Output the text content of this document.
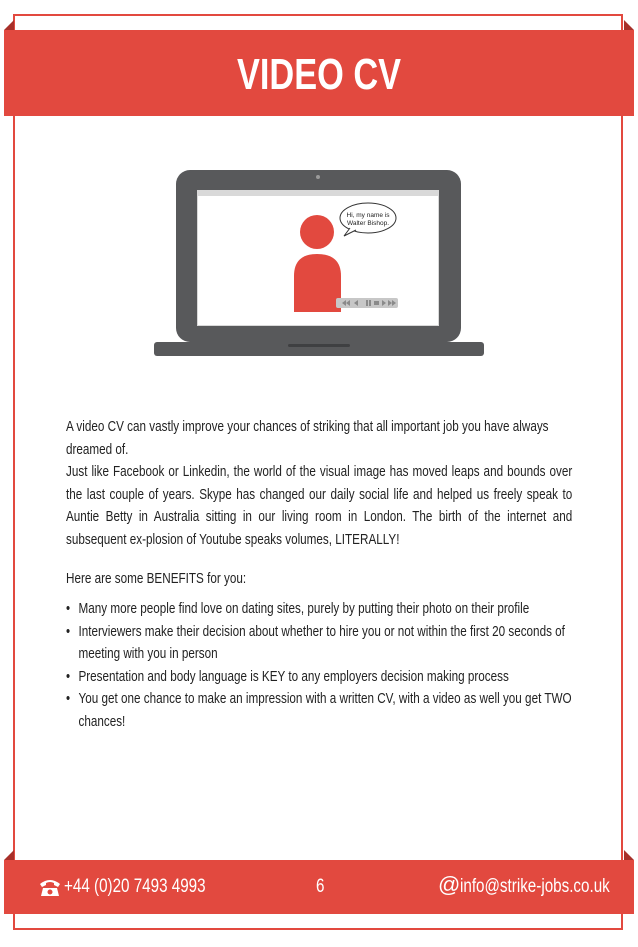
VIDEO CV
Hi, my name is
Walter Bishop.

A video CV can vastly improve your chances of striking that all important job you have always
dreamed of.
Just like Facebook or Linkedin, the world of the visual image has moved leaps and bounds over the last couple of years. Skype has changed our daily social life and helped us freely speak to Auntie Betty in Australia sitting in our living room in London. The birth of the internet and subsequent ex-plosion of Youtube speaks volumes, LITERALLY!

Here are some BENEFITS for you:
• Many more people find love on dating sites, purely by putting their photo on their profile
• Interviewers make their decision about whether to hire you or not within the first 20 seconds of meeting with you in person
• Presentation and body language is KEY to any employers decision making process
• You get one chance to make an impression with a written CV, with a video as well you get TWO chances!
+44 (0)20 7493 4993	6	@ info@strike-jobs.co.uk
